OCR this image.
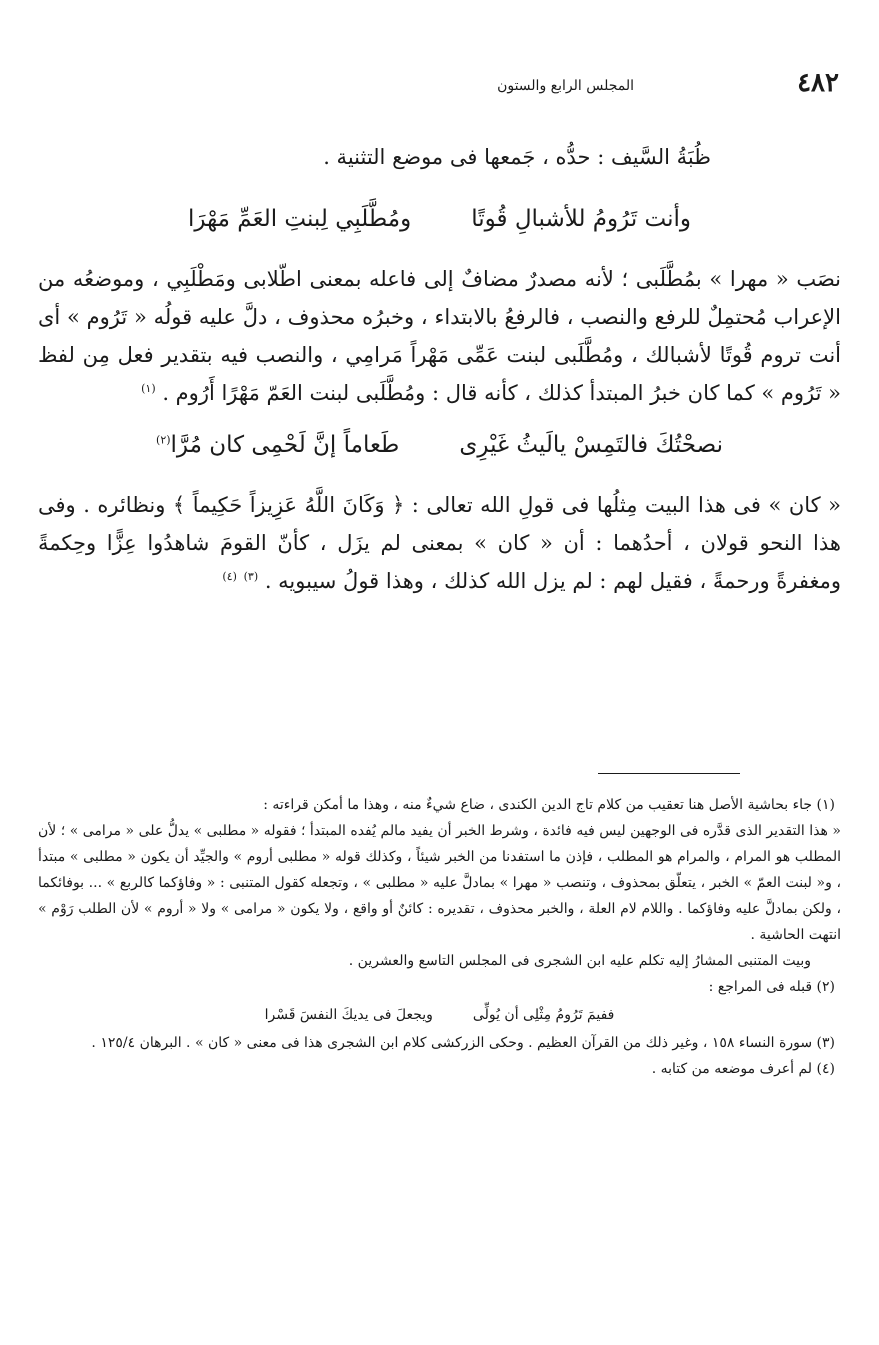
٤٨٢
المجلس الرابع والستون

ظُبَةُ السَّيف : حدُّه ، جَمعها فى موضع التثنية .

وأنت تَرُومُ للأشبالِ قُوتًا
ومُطَّلَبِي لِبنتِ العَمِّ مَهْرَا

نصَب « مهرا » بمُطَّلَبى ؛ لأنه مصدرٌ مضافٌ إلى فاعله بمعنى اطّلابى ومَطْلَبِي ، وموضعُه من الإعراب مُحتمِلٌ للرفع والنصب ، فالرفعُ بالابتداء ، وخبرُه محذوف ، دلَّ عليه قولُه « تَرُوم » أى أنت تروم قُوتًا لأشبالك ، ومُطَّلَبى لبنت عَمِّى مَهْراً مَرامِي ، والنصب فيه بتقدير فعل مِن لفظ « تَرُوم » كما كان خبرُ المبتدأ كذلك ، كأنه قال : ومُطَّلَبى لبنت العَمّ مَهْرًا أَرُوم . $^{(١)}$

نصحْتُكَ فالتَمِسْ يالَيثُ غَيْرِى
طَعاماً إنَّ لَحْمِى كان مُرَّا$^{(٢)}$

« كان » فى هذا البيت مِثلُها فى قولِ الله تعالى : ﴿ وَكَانَ اللَّهُ عَزِيزاً حَكِيماً ﴾ ونظائره . وفى هذا النحو قولان ، أحدُهما : أن « كان » بمعنى لم يزَل ، كأنّ القومَ شاهدُوا عِزًّا وحِكمةً ومغفرةً ورحمةً ، فقيل لهم : لم يزل الله كذلك ، وهذا قولُ سيبويه . $^{(٣)}$ $^{(٤)}$

(١) جاء بحاشية الأصل هنا تعقيب من كلام تاج الدين الكندى ، ضاع شيءٌ منه ، وهذا ما أمكن قراءته :

« هذا التقدير الذى قدَّره فى الوجهين ليس فيه فائدة ، وشرط الخبر أن يفيد مالم يُفده المبتدأ ؛ فقوله « مطلبى » يدلُّ على « مرامى » ؛ لأن المطلب هو المرام ، والمرام هو المطلب ، فإذن ما استفدنا من الخبر شيئاً ، وكذلك قوله « مطلبى أروم » والجيِّد أن يكون « مطلبى » مبتدأ ، و« لبنت العمّ » الخبر ، يتعلّق بمحذوف ، وتنصب « مهرا » بمادلَّ عليه « مطلبى » ، وتجعله كقول المتنبى : « وفاؤكما كالربع » ... بوفائكما ، ولكن بمادلَّ عليه وفاؤكما . واللام لام العلة ، والخبر محذوف ، تقديره : كائنٌ أو واقع ، ولا يكون « مرامى » ولا « أروم » لأن الطلب رَوْم » انتهت الحاشية .

وبيت المتنبى المشارُ إليه تكلم عليه ابن الشجرى فى المجلس التاسع والعشرين .

(٢) قبله فى المراجع :

ففيمَ تَرُومُ مِثْلِى أن يُولِّى
ويجعلَ فى يديكَ النفسَ قَسْرا

(٣) سورة النساء ١٥٨ ، وغير ذلك من القرآن العظيم . وحكى الزركشى كلام ابن الشجرى هذا فى معنى « كان » . البرهان ١٢٥/٤ .

(٤) لم أعرف موضعه من كتابه .
